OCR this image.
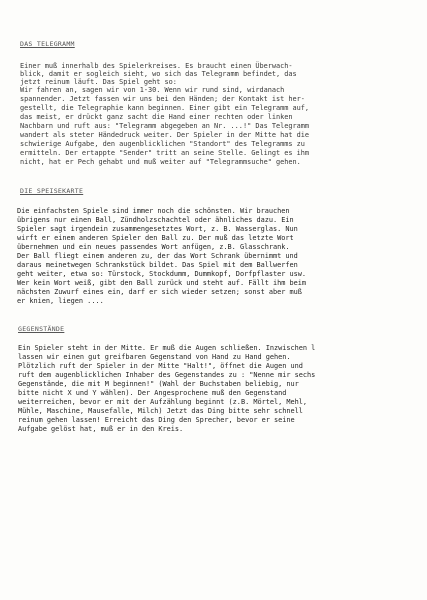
DAS TELEGRAMM
Einer muß innerhalb des Spielerkreises. Es braucht einen Überwach-
blick, damit er sogleich sieht, wo sich das Telegramm befindet, das
jetzt reinum läuft. Das Spiel geht so:
Wir fahren an, sagen wir von 1-30. Wenn wir rund sind, wirdanach
spannender. Jetzt fassen wir uns bei den Händen; der Kontakt ist her-
gestellt, die Telegraphie kann beginnen. Einer gibt ein Telegramm auf,
das meist, er drückt ganz sacht die Hand einer rechten oder linken
Nachbarn und ruft aus: "Telegramm abgegeben an Nr. ...!" Das Telegramm
wandert als steter Händedruck weiter. Der Spieler in der Mitte hat die
schwierige Aufgabe, den augenblicklichen "Standort" des Telegramms zu
ermitteln. Der ertappte "Sender" tritt an seine Stelle. Gelingt es ihm
nicht, hat er Pech gehabt und muß weiter auf "Telegrammsuche" gehen.
DIE SPEISEKARTE
Die einfachsten Spiele sind immer noch die schönsten. Wir brauchen
übrigens nur einen Ball, Zündholzschachtel oder ähnliches dazu. Ein
Spieler sagt irgendein zusammengesetztes Wort, z. B. Wasserglas. Nun
wirft er einem anderen Spieler den Ball zu. Der muß das letzte Wort
übernehmen und ein neues passendes Wort anfügen, z.B. Glasschrank.
Der Ball fliegt einem anderen zu, der das Wort Schrank übernimmt und
daraus meinetwegen Schrankstück bildet. Das Spiel mit dem Ballwerfen
geht weiter, etwa so: Türstock, Stockdumm, Dummkopf, Dorfpflaster usw.
Wer kein Wort weiß, gibt den Ball zurück und steht auf. Fällt ihm beim
nächsten Zuwurf eines ein, darf er sich wieder setzen; sonst aber muß
er knien, liegen ....
GEGENSTÄNDE
Ein Spieler steht in der Mitte. Er muß die Augen schließen. Inzwischen l
lassen wir einen gut greifbaren Gegenstand von Hand zu Hand gehen.
Plötzlich ruft der Spieler in der Mitte "Halt!", öffnet die Augen und
ruft dem augenblicklichen Inhaber des Gegenstandes zu : "Nenne mir sechs
Gegenstände, die mit M beginnen!" (Wahl der Buchstaben beliebig, nur
bitte nicht X und Y wählen). Der Angesprochene muß den Gegenstand
weiterreichen, bevor er mit der Aufzählung beginnt (z.B. Mörtel, Mehl,
Mühle, Maschine, Mausefalle, Milch) Jetzt das Ding bitte sehr schnell
reinum gehen lassen! Erreicht das Ding den Sprecher, bevor er seine
Aufgabe gelöst hat, muß er in den Kreis.
